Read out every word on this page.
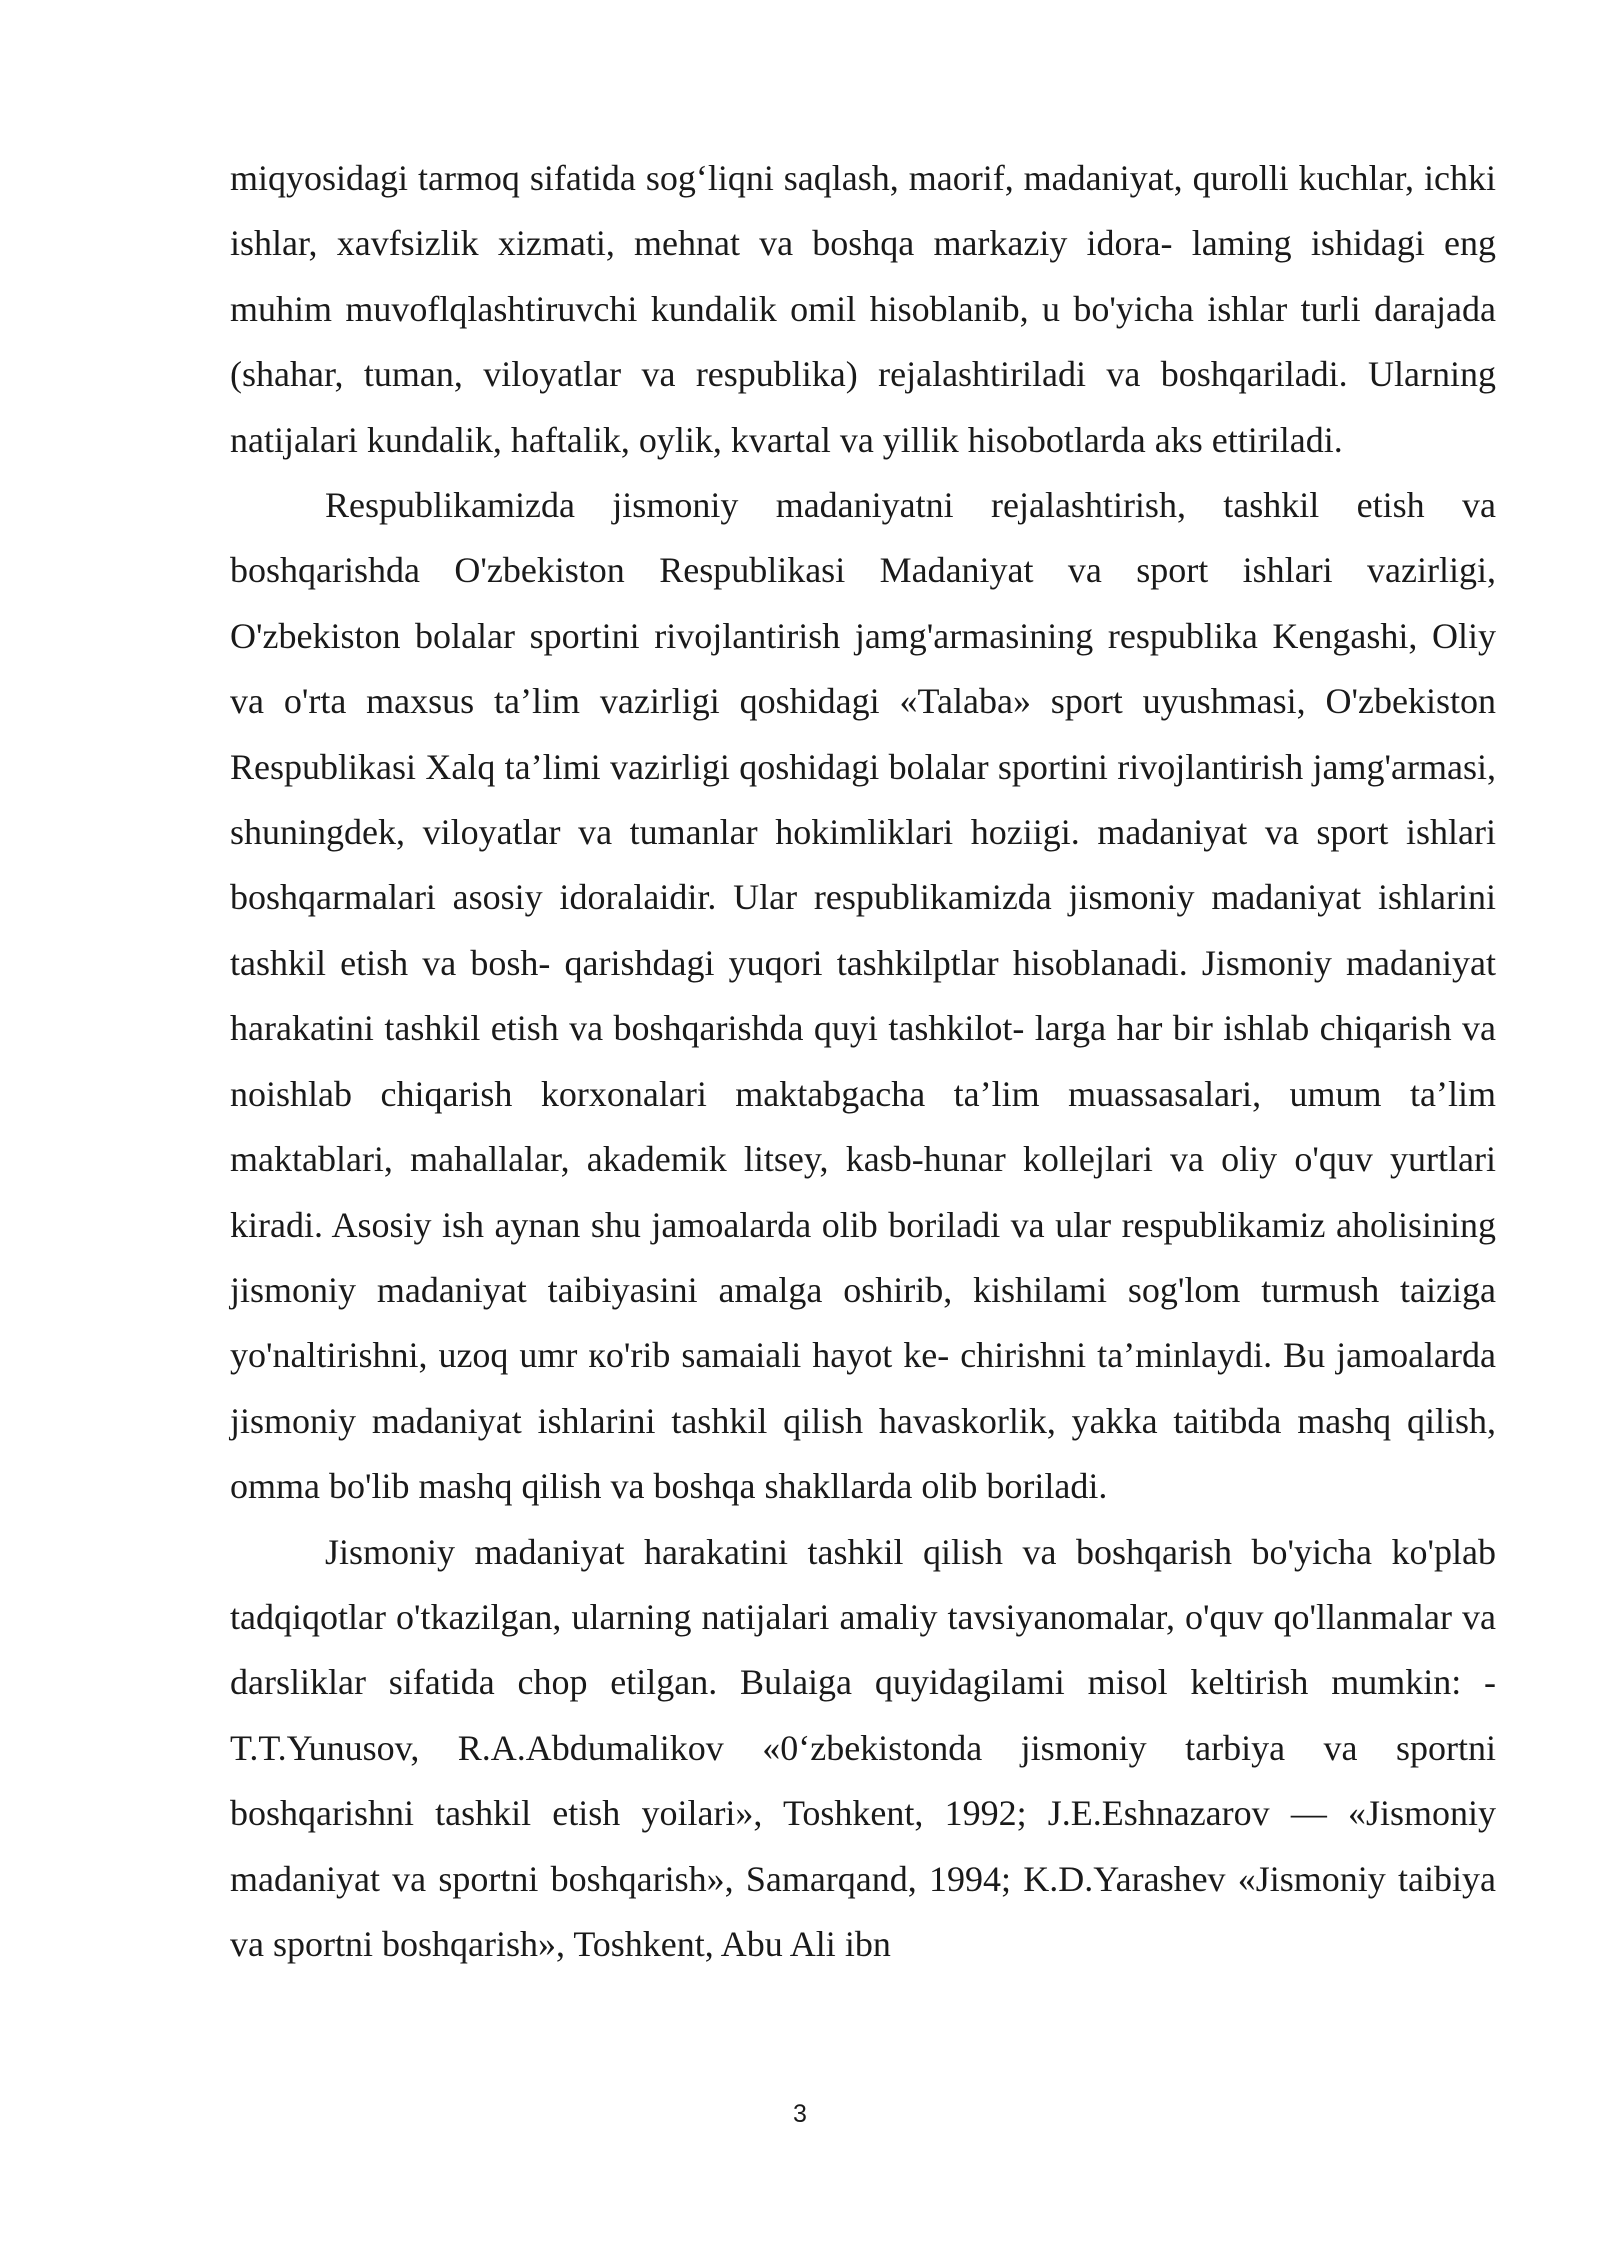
miqyosidagi tarmoq sifatida sog‘liqni saqlash, maorif, madaniyat, qurolli kuchlar, ichki ishlar, xavfsizlik xizmati, mehnat va boshqa markaziy idora- laming ishidagi eng muhim muvoflqlashtiruvchi kundalik omil hisoblanib, u bo'yicha ishlar turli darajada (shahar, tuman, viloyatlar va respublika) rejalashtiriladi va boshqariladi. Ularning natijalari kundalik, haftalik, oylik, kvartal va yillik hisobotlarda aks ettiriladi.

Respublikamizda jismoniy madaniyatni rejalashtirish, tashkil etish va boshqarishda O'zbekiston Respublikasi Madaniyat va sport ishlari vazirligi, O'zbekiston bolalar sportini rivojlantirish jamg'armasining respublika Kengashi, Oliy va o'rta maxsus ta’lim vazirligi qoshidagi «Talaba» sport uyushmasi, O'zbekiston Respublikasi Xalq ta’limi vazirligi qoshidagi bolalar sportini rivojlantirish jamg'armasi, shuningdek, viloyatlar va tumanlar hokimliklari hoziigi. madaniyat va sport ishlari boshqarmalari asosiy idoralaidir. Ular respublikamizda jismoniy madaniyat ishlarini tashkil etish va bosh- qarishdagi yuqori tashkilptlar hisoblanadi. Jismoniy madaniyat harakatini tashkil etish va boshqarishda quyi tashkilot- larga har bir ishlab chiqarish va noishlab chiqarish korxonalari maktabgacha ta’lim muassasalari, umum ta’lim maktablari, mahallalar, akademik litsey, kasb-hunar kollejlari va oliy o'quv yurtlari kiradi. Asosiy ish aynan shu jamoalarda olib boriladi va ular respublikamiz aholisining jismoniy madaniyat taibiyasini amalga oshirib, kishilami sog'lom turmush taiziga yo'naltirishni, uzoq umr кo'rib samaiali hayot ke- chirishni ta’minlaydi. Bu jamoalarda jismoniy madaniyat ishlarini tashkil qilish havaskorlik, yakka taitibda mashq qilish, omma bo'lib mashq qilish va boshqa shakllarda olib boriladi.

Jismoniy madaniyat harakatini tashkil qilish va boshqarish bo'yicha ko'plab tadqiqotlar o'tkazilgan, ularning natijalari amaliy tavsiyanomalar, o'quv qo'llanmalar va darsliklar sifatida chop etilgan. Bulaiga quyidagilami misol keltirish mumkin: -T.T.Yunusov, R.A.Abdumalikov «0‘zbekistonda jismoniy tarbiya va sportni boshqarishni tashkil etish yoilari», Toshkent, 1992; J.E.Eshnazarov — «Jismoniy madaniyat va sportni boshqarish», Samarqand, 1994; K.D.Yarashev «Jismoniy taibiya va sportni boshqarish», Toshkent, Abu Ali ibn

3
